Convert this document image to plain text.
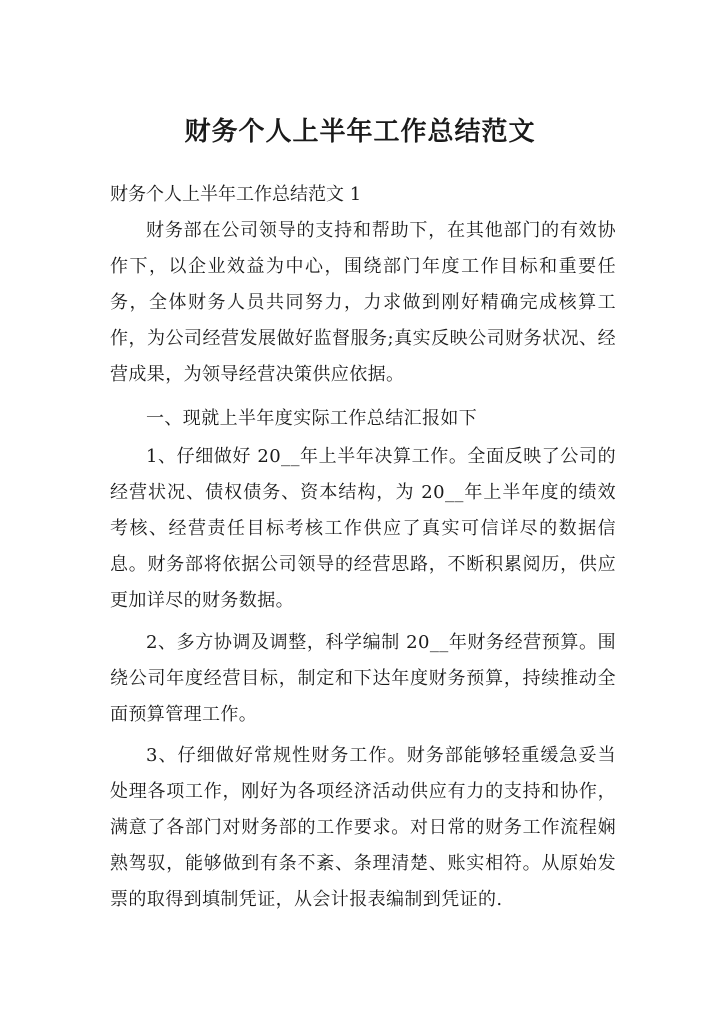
财务个人上半年工作总结范文

财务个人上半年工作总结范文 1

财务部在公司领导的支持和帮助下，在其他部门的有效协作下，以企业效益为中心，围绕部门年度工作目标和重要任务，全体财务人员共同努力，力求做到刚好精确完成核算工作，为公司经营发展做好监督服务;真实反映公司财务状况、经营成果，为领导经营决策供应依据。

一、现就上半年度实际工作总结汇报如下

1、仔细做好 20__年上半年决算工作。全面反映了公司的经营状况、债权债务、资本结构，为 20__年上半年度的绩效考核、经营责任目标考核工作供应了真实可信详尽的数据信息。财务部将依据公司领导的经营思路，不断积累阅历，供应更加详尽的财务数据。

2、多方协调及调整，科学编制 20__年财务经营预算。围绕公司年度经营目标，制定和下达年度财务预算，持续推动全面预算管理工作。

3、仔细做好常规性财务工作。财务部能够轻重缓急妥当处理各项工作，刚好为各项经济活动供应有力的支持和协作，满意了各部门对财务部的工作要求。对日常的财务工作流程娴熟驾驭，能够做到有条不紊、条理清楚、账实相符。从原始发票的取得到填制凭证，从会计报表编制到凭证的.
